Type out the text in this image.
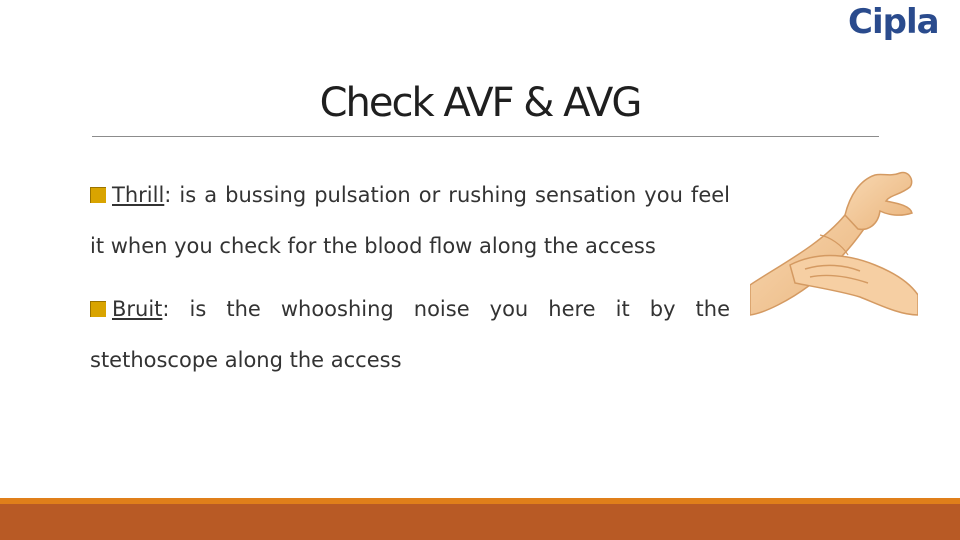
Cipla
Check AVF & AVG

Thrill: is a bussing pulsation or rushing sensation you feel it when you check for the blood flow along the access

Bruit: is the whooshing noise you here it by the stethoscope along the access
